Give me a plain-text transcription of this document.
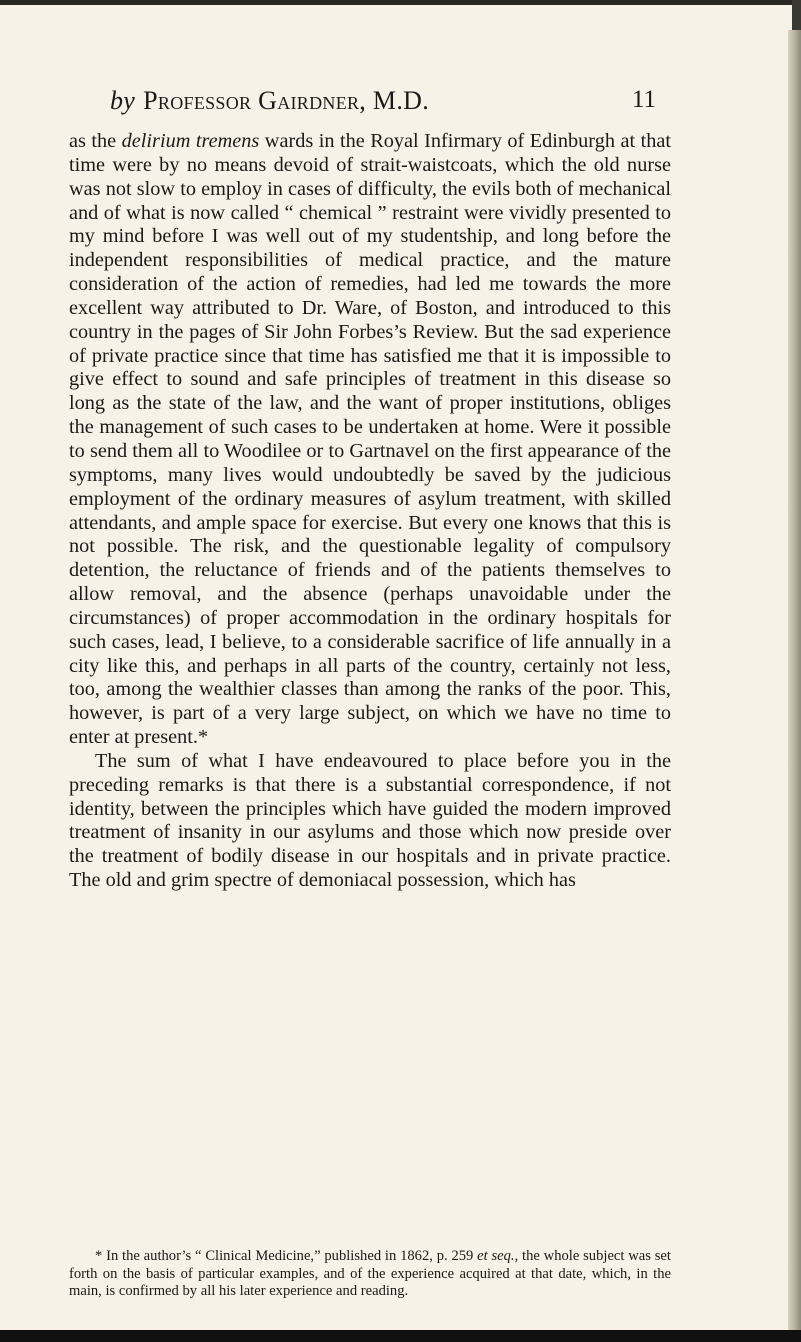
by Professor Gairdner, M.D.	11

as the delirium tremens wards in the Royal Infirmary of Edinburgh at that time were by no means devoid of strait-waistcoats, which the old nurse was not slow to employ in cases of difficulty, the evils both of mechanical and of what is now called “ chemical ” restraint were vividly presented to my mind before I was well out of my studentship, and long before the independent responsibilities of medical practice, and the mature consideration of the action of remedies, had led me towards the more excellent way attributed to Dr. Ware, of Boston, and introduced to this country in the pages of Sir John Forbes’s Review. But the sad experience of private practice since that time has satisfied me that it is impossible to give effect to sound and safe principles of treatment in this disease so long as the state of the law, and the want of proper institutions, obliges the management of such cases to be undertaken at home. Were it possible to send them all to Woodilee or to Gartnavel on the first appearance of the symptoms, many lives would undoubtedly be saved by the judicious employment of the ordinary measures of asylum treatment, with skilled attendants, and ample space for exercise. But every one knows that this is not possible. The risk, and the questionable legality of compulsory detention, the reluctance of friends and of the patients themselves to allow removal, and the absence (perhaps unavoidable under the circumstances) of proper accommodation in the ordinary hospitals for such cases, lead, I believe, to a considerable sacrifice of life annually in a city like this, and perhaps in all parts of the country, certainly not less, too, among the wealthier classes than among the ranks of the poor. This, however, is part of a very large subject, on which we have no time to enter at present.*

The sum of what I have endeavoured to place before you in the preceding remarks is that there is a substantial correspondence, if not identity, between the principles which have guided the modern improved treatment of insanity in our asylums and those which now preside over the treatment of bodily disease in our hospitals and in private practice. The old and grim spectre of demoniacal possession, which has

* In the author’s “ Clinical Medicine,” published in 1862, p. 259 et seq., the whole subject was set forth on the basis of particular examples, and of the experience acquired at that date, which, in the main, is confirmed by all his later experience and reading.
